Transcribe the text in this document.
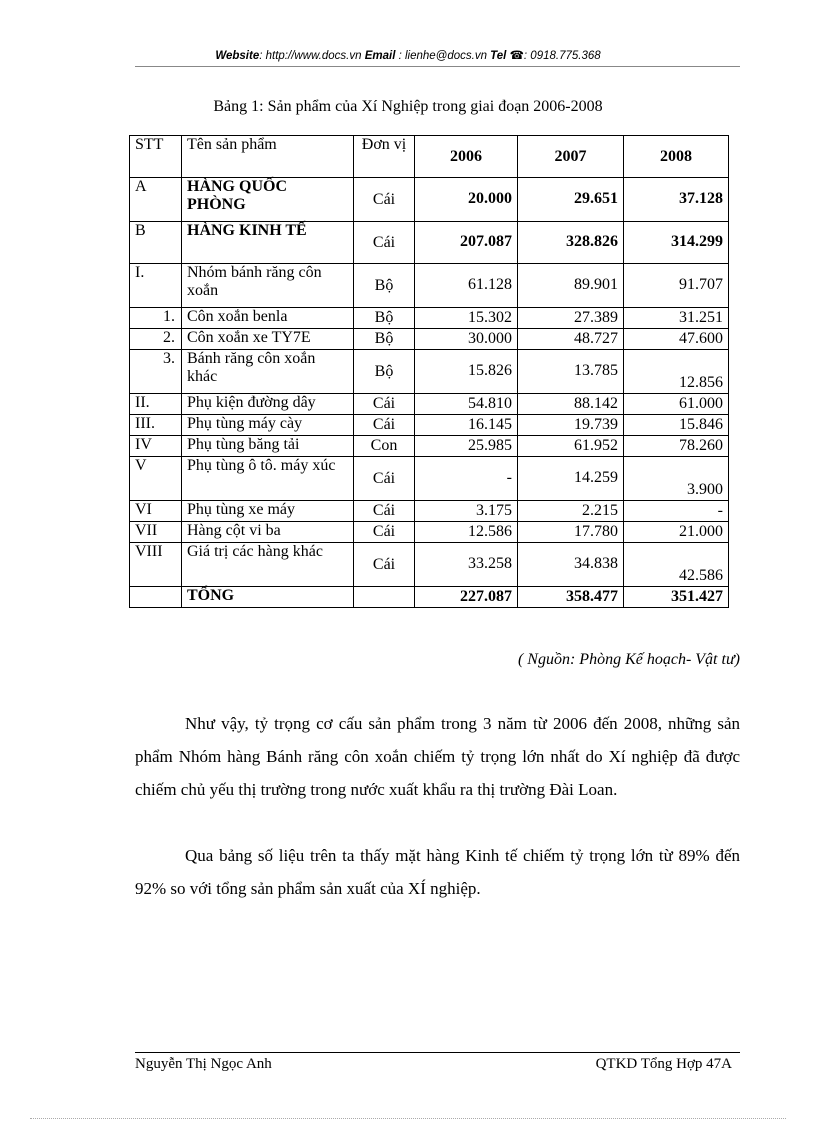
Website: http://www.docs.vn Email : lienhe@docs.vn Tel ☎: 0918.775.368
Bảng 1: Sản phẩm của Xí Nghiệp trong giai đoạn 2006-2008
STT	Tên sản phẩm	Đơn vị	2006	2007	2008
A	HÀNG QUỐC PHÒNG	Cái	20.000	29.651	37.128
B	HÀNG KINH TẾ	Cái	207.087	328.826	314.299
I.	Nhóm bánh răng côn xoắn	Bộ	61.128	89.901	91.707
1.	Côn xoắn benla	Bộ	15.302	27.389	31.251
2.	Côn xoắn xe TY7E	Bộ	30.000	48.727	47.600
3.	Bánh răng côn xoắn khác	Bộ	15.826	13.785	12.856
II.	Phụ kiện đường dây	Cái	54.810	88.142	61.000
III.	Phụ tùng máy cày	Cái	16.145	19.739	15.846
IV	Phụ tùng băng tải	Con	25.985	61.952	78.260
V	Phụ tùng ô tô. máy xúc	Cái	-	14.259	3.900
VI	Phụ tùng xe máy	Cái	3.175	2.215	-
VII	Hàng cột vi ba	Cái	12.586	17.780	21.000
VIII	Giá trị các hàng khác	Cái	33.258	34.838	42.586
	TỔNG		227.087	358.477	351.427
( Nguồn: Phòng Kế hoạch- Vật tư)
Như vậy, tỷ trọng cơ cấu sản phẩm trong 3 năm từ 2006 đến 2008, những sản phẩm Nhóm hàng Bánh răng côn xoắn chiếm tỷ trọng lớn nhất do Xí nghiệp đã được chiếm chủ yếu thị trường trong nước xuất khẩu ra thị trường Đài Loan.
Qua bảng số liệu trên ta thấy mặt hàng Kinh tế chiếm tỷ trọng lớn từ 89% đến 92% so với tổng sản phẩm sản xuất của XÍ nghiệp.
Nguyễn Thị Ngọc Anh	QTKD Tổng Hợp 47A
